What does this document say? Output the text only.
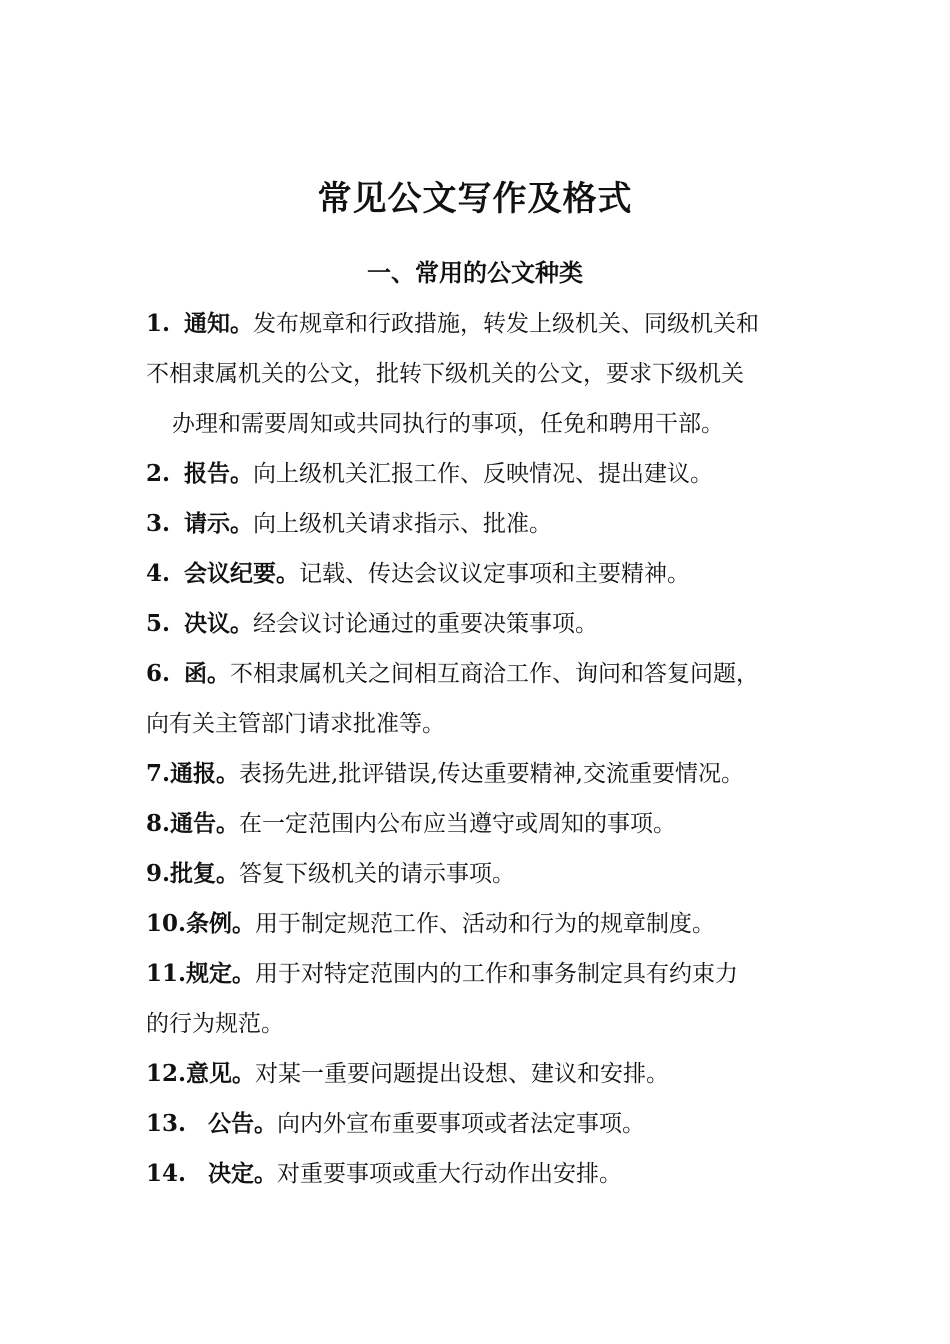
常见公文写作及格式
一、常用的公文种类
1. 通知。发布规章和行政措施，转发上级机关、同级机关和
不相隶属机关的公文，批转下级机关的公文，要求下级机关
办理和需要周知或共同执行的事项，任免和聘用干部。
2. 报告。向上级机关汇报工作、反映情况、提出建议。
3. 请示。向上级机关请求指示、批准。
4. 会议纪要。记载、传达会议议定事项和主要精神。
5. 决议。经会议讨论通过的重要决策事项。
6. 函。不相隶属机关之间相互商洽工作、询问和答复问题，
向有关主管部门请求批准等。
7.通报。表扬先进,批评错误,传达重要精神,交流重要情况。
8.通告。在一定范围内公布应当遵守或周知的事项。
9.批复。答复下级机关的请示事项。
10.条例。用于制定规范工作、活动和行为的规章制度。
11.规定。用于对特定范围内的工作和事务制定具有约束力
的行为规范。
12.意见。对某一重要问题提出设想、建议和安排。
13. 公告。向内外宣布重要事项或者法定事项。
14. 决定。对重要事项或重大行动作出安排。
